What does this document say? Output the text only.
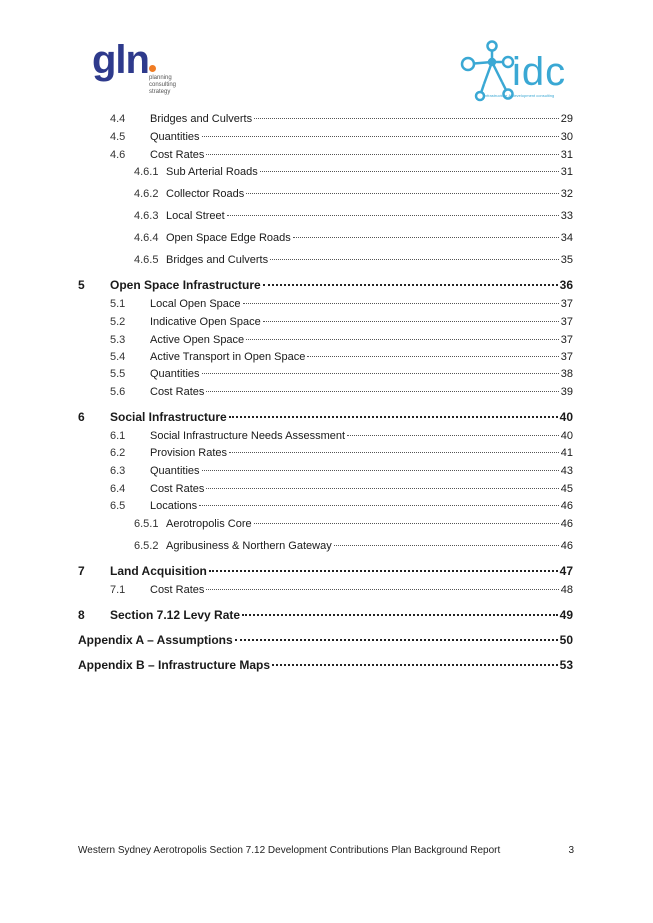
gln planning
consulting
strategy	idc
infrastructure & development consulting
4.4	Bridges and Culverts	29
4.5	Quantities	30
4.6	Cost Rates	31
4.6.1 Sub Arterial Roads	31
4.6.2 Collector Roads	32
4.6.3 Local Street	33
4.6.4 Open Space Edge Roads	34
4.6.5 Bridges and Culverts	35
5	Open Space Infrastructure	36
5.1	Local Open Space	37
5.2	Indicative Open Space	37
5.3	Active Open Space	37
5.4	Active Transport in Open Space	37
5.5	Quantities	38
5.6	Cost Rates	39
6	Social Infrastructure	40
6.1	Social Infrastructure Needs Assessment	40
6.2	Provision Rates	41
6.3	Quantities	43
6.4	Cost Rates	45
6.5	Locations	46
6.5.1 Aerotropolis Core	46
6.5.2 Agribusiness & Northern Gateway	46
7	Land Acquisition	47
7.1	Cost Rates	48
8	Section 7.12 Levy Rate	49
Appendix A – Assumptions	50
Appendix B – Infrastructure Maps	53
Western Sydney Aerotropolis Section 7.12 Development Contributions Plan Background Report	3
